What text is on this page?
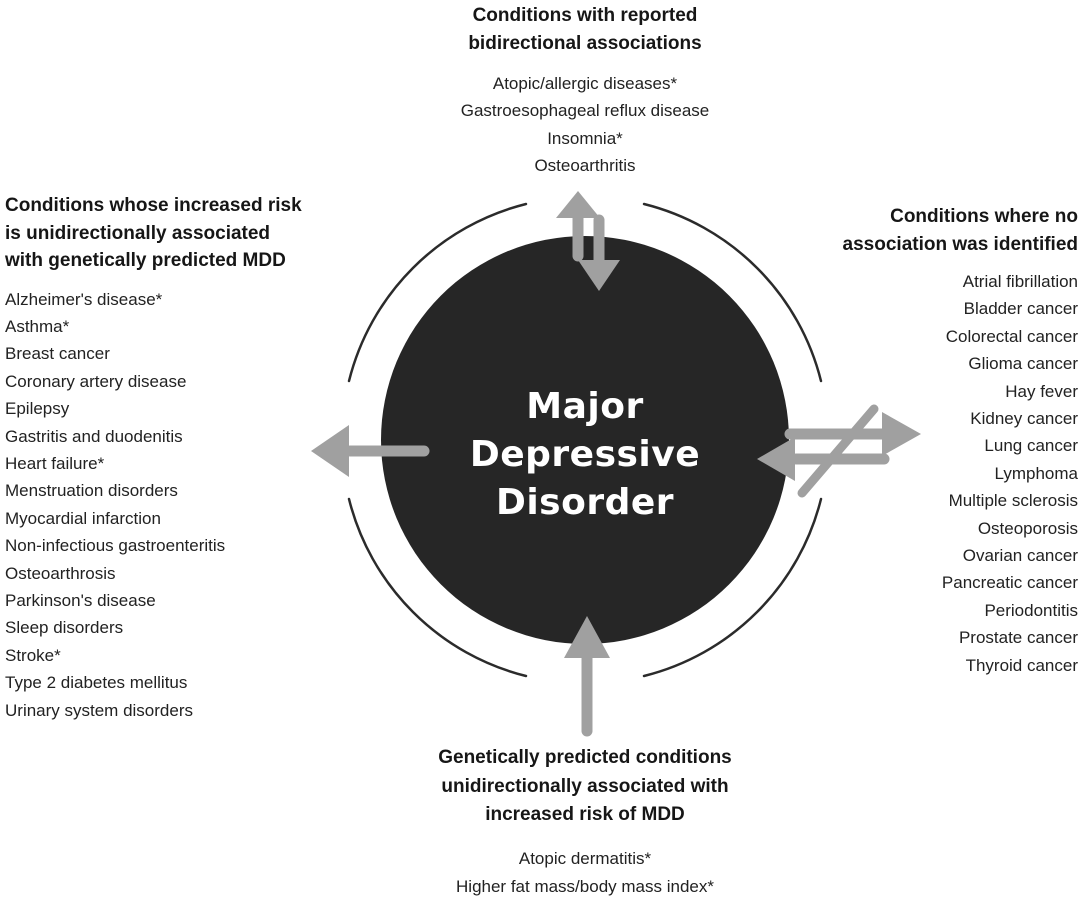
Major
Depressive
Disorder
Conditions with reported
bidirectional associations
Atopic/allergic diseases*
Gastroesophageal reflux disease
Insomnia*
Osteoarthritis
Conditions whose increased risk
is unidirectionally associated
with genetically predicted MDD
Alzheimer's disease*
Asthma*
Breast cancer
Coronary artery disease
Epilepsy
Gastritis and duodenitis
Heart failure*
Menstruation disorders
Myocardial infarction
Non-infectious gastroenteritis
Osteoarthrosis
Parkinson's disease
Sleep disorders
Stroke*
Type 2 diabetes mellitus
Urinary system disorders
Conditions where no
association was identified
Atrial fibrillation
Bladder cancer
Colorectal cancer
Glioma cancer
Hay fever
Kidney cancer
Lung cancer
Lymphoma
Multiple sclerosis
Osteoporosis
Ovarian cancer
Pancreatic cancer
Periodontitis
Prostate cancer
Thyroid cancer
Genetically predicted conditions
unidirectionally associated with
increased risk of MDD
Atopic dermatitis*
Higher fat mass/body mass index*
